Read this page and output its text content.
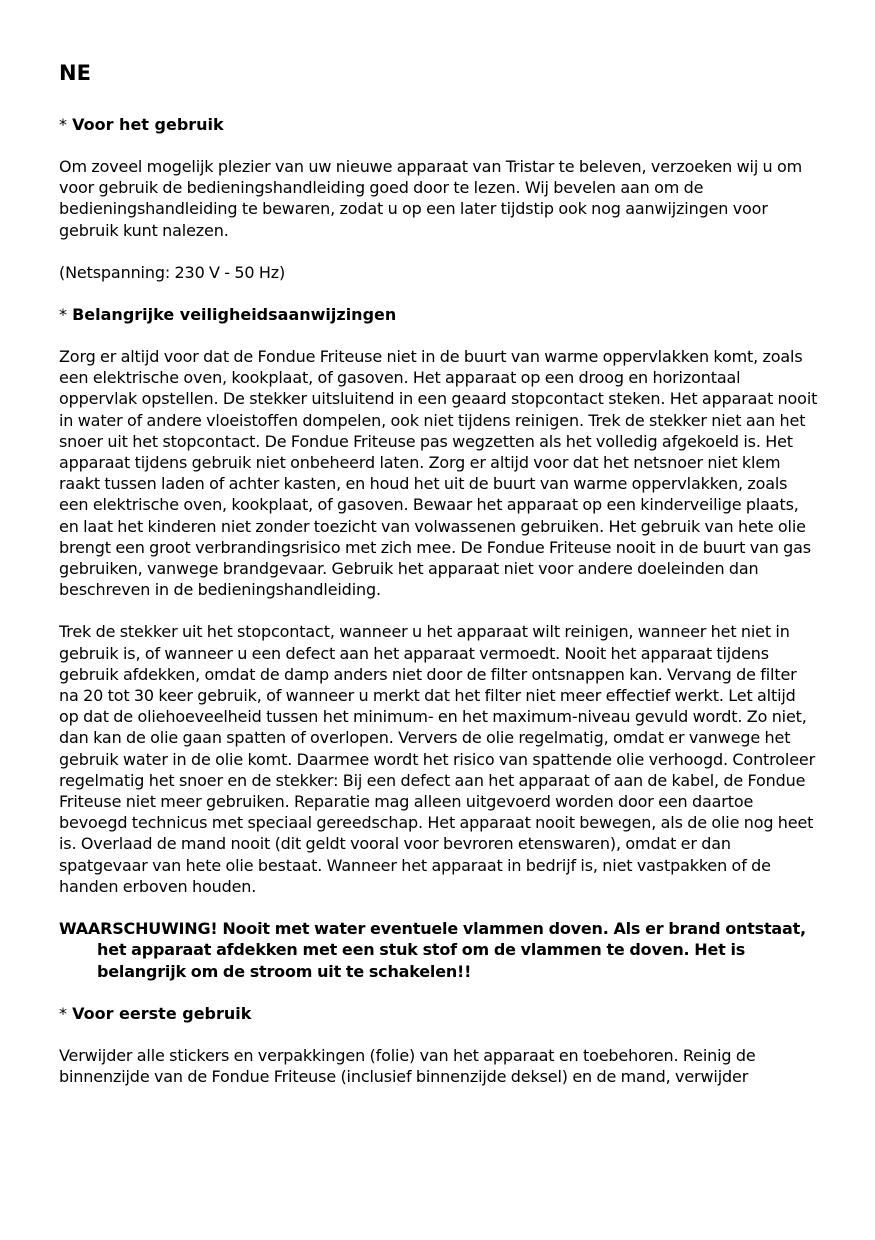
NE
* Voor het gebruik

Om zoveel mogelijk plezier van uw nieuwe apparaat van Tristar te beleven, verzoeken wij u om voor gebruik de bedieningshandleiding goed door te lezen. Wij bevelen aan om de bedieningshandleiding te bewaren, zodat u op een later tijdstip ook nog aanwijzingen voor gebruik kunt nalezen.

(Netspanning: 230 V - 50 Hz)

* Belangrijke veiligheidsaanwijzingen

Zorg er altijd voor dat de Fondue Friteuse niet in de buurt van warme oppervlakken komt, zoals een elektrische oven, kookplaat, of gasoven. Het apparaat op een droog en horizontaal oppervlak opstellen. De stekker uitsluitend in een geaard stopcontact steken. Het apparaat nooit in water of andere vloeistoffen dompelen, ook niet tijdens reinigen. Trek de stekker niet aan het snoer uit het stopcontact. De Fondue Friteuse pas wegzetten als het volledig afgekoeld is. Het apparaat tijdens gebruik niet onbeheerd laten. Zorg er altijd voor dat het netsnoer niet klem raakt tussen laden of achter kasten, en houd het uit de buurt van warme oppervlakken, zoals een elektrische oven, kookplaat, of gasoven. Bewaar het apparaat op een kinderveilige plaats, en laat het kinderen niet zonder toezicht van volwassenen gebruiken. Het gebruik van hete olie brengt een groot verbrandingsrisico met zich mee. De Fondue Friteuse nooit in de buurt van gas gebruiken, vanwege brandgevaar. Gebruik het apparaat niet voor andere doeleinden dan beschreven in de bedieningshandleiding.

Trek de stekker uit het stopcontact, wanneer u het apparaat wilt reinigen, wanneer het niet in gebruik is, of wanneer u een defect aan het apparaat vermoedt. Nooit het apparaat tijdens gebruik afdekken, omdat de damp anders niet door de filter ontsnappen kan. Vervang de filter na 20 tot 30 keer gebruik, of wanneer u merkt dat het filter niet meer effectief werkt. Let altijd op dat de oliehoeveelheid tussen het minimum- en het maximum-niveau gevuld wordt. Zo niet, dan kan de olie gaan spatten of overlopen. Ververs de olie regelmatig, omdat er vanwege het gebruik water in de olie komt. Daarmee wordt het risico van spattende olie verhoogd. Controleer regelmatig het snoer en de stekker: Bij een defect aan het apparaat of aan de kabel, de Fondue Friteuse niet meer gebruiken. Reparatie mag alleen uitgevoerd worden door een daartoe bevoegd technicus met speciaal gereedschap. Het apparaat nooit bewegen, als de olie nog heet is. Overlaad de mand nooit (dit geldt vooral voor bevroren etenswaren), omdat er dan spatgevaar van hete olie bestaat. Wanneer het apparaat in bedrijf is, niet vastpakken of de handen erboven houden.

WAARSCHUWING! Nooit met water eventuele vlammen doven. Als er brand ontstaat, het apparaat afdekken met een stuk stof om de vlammen te doven. Het is belangrijk om de stroom uit te schakelen!!

* Voor eerste gebruik

Verwijder alle stickers en verpakkingen (folie) van het apparaat en toebehoren. Reinig de binnenzijde van de Fondue Friteuse (inclusief binnenzijde deksel) en de mand, verwijder
